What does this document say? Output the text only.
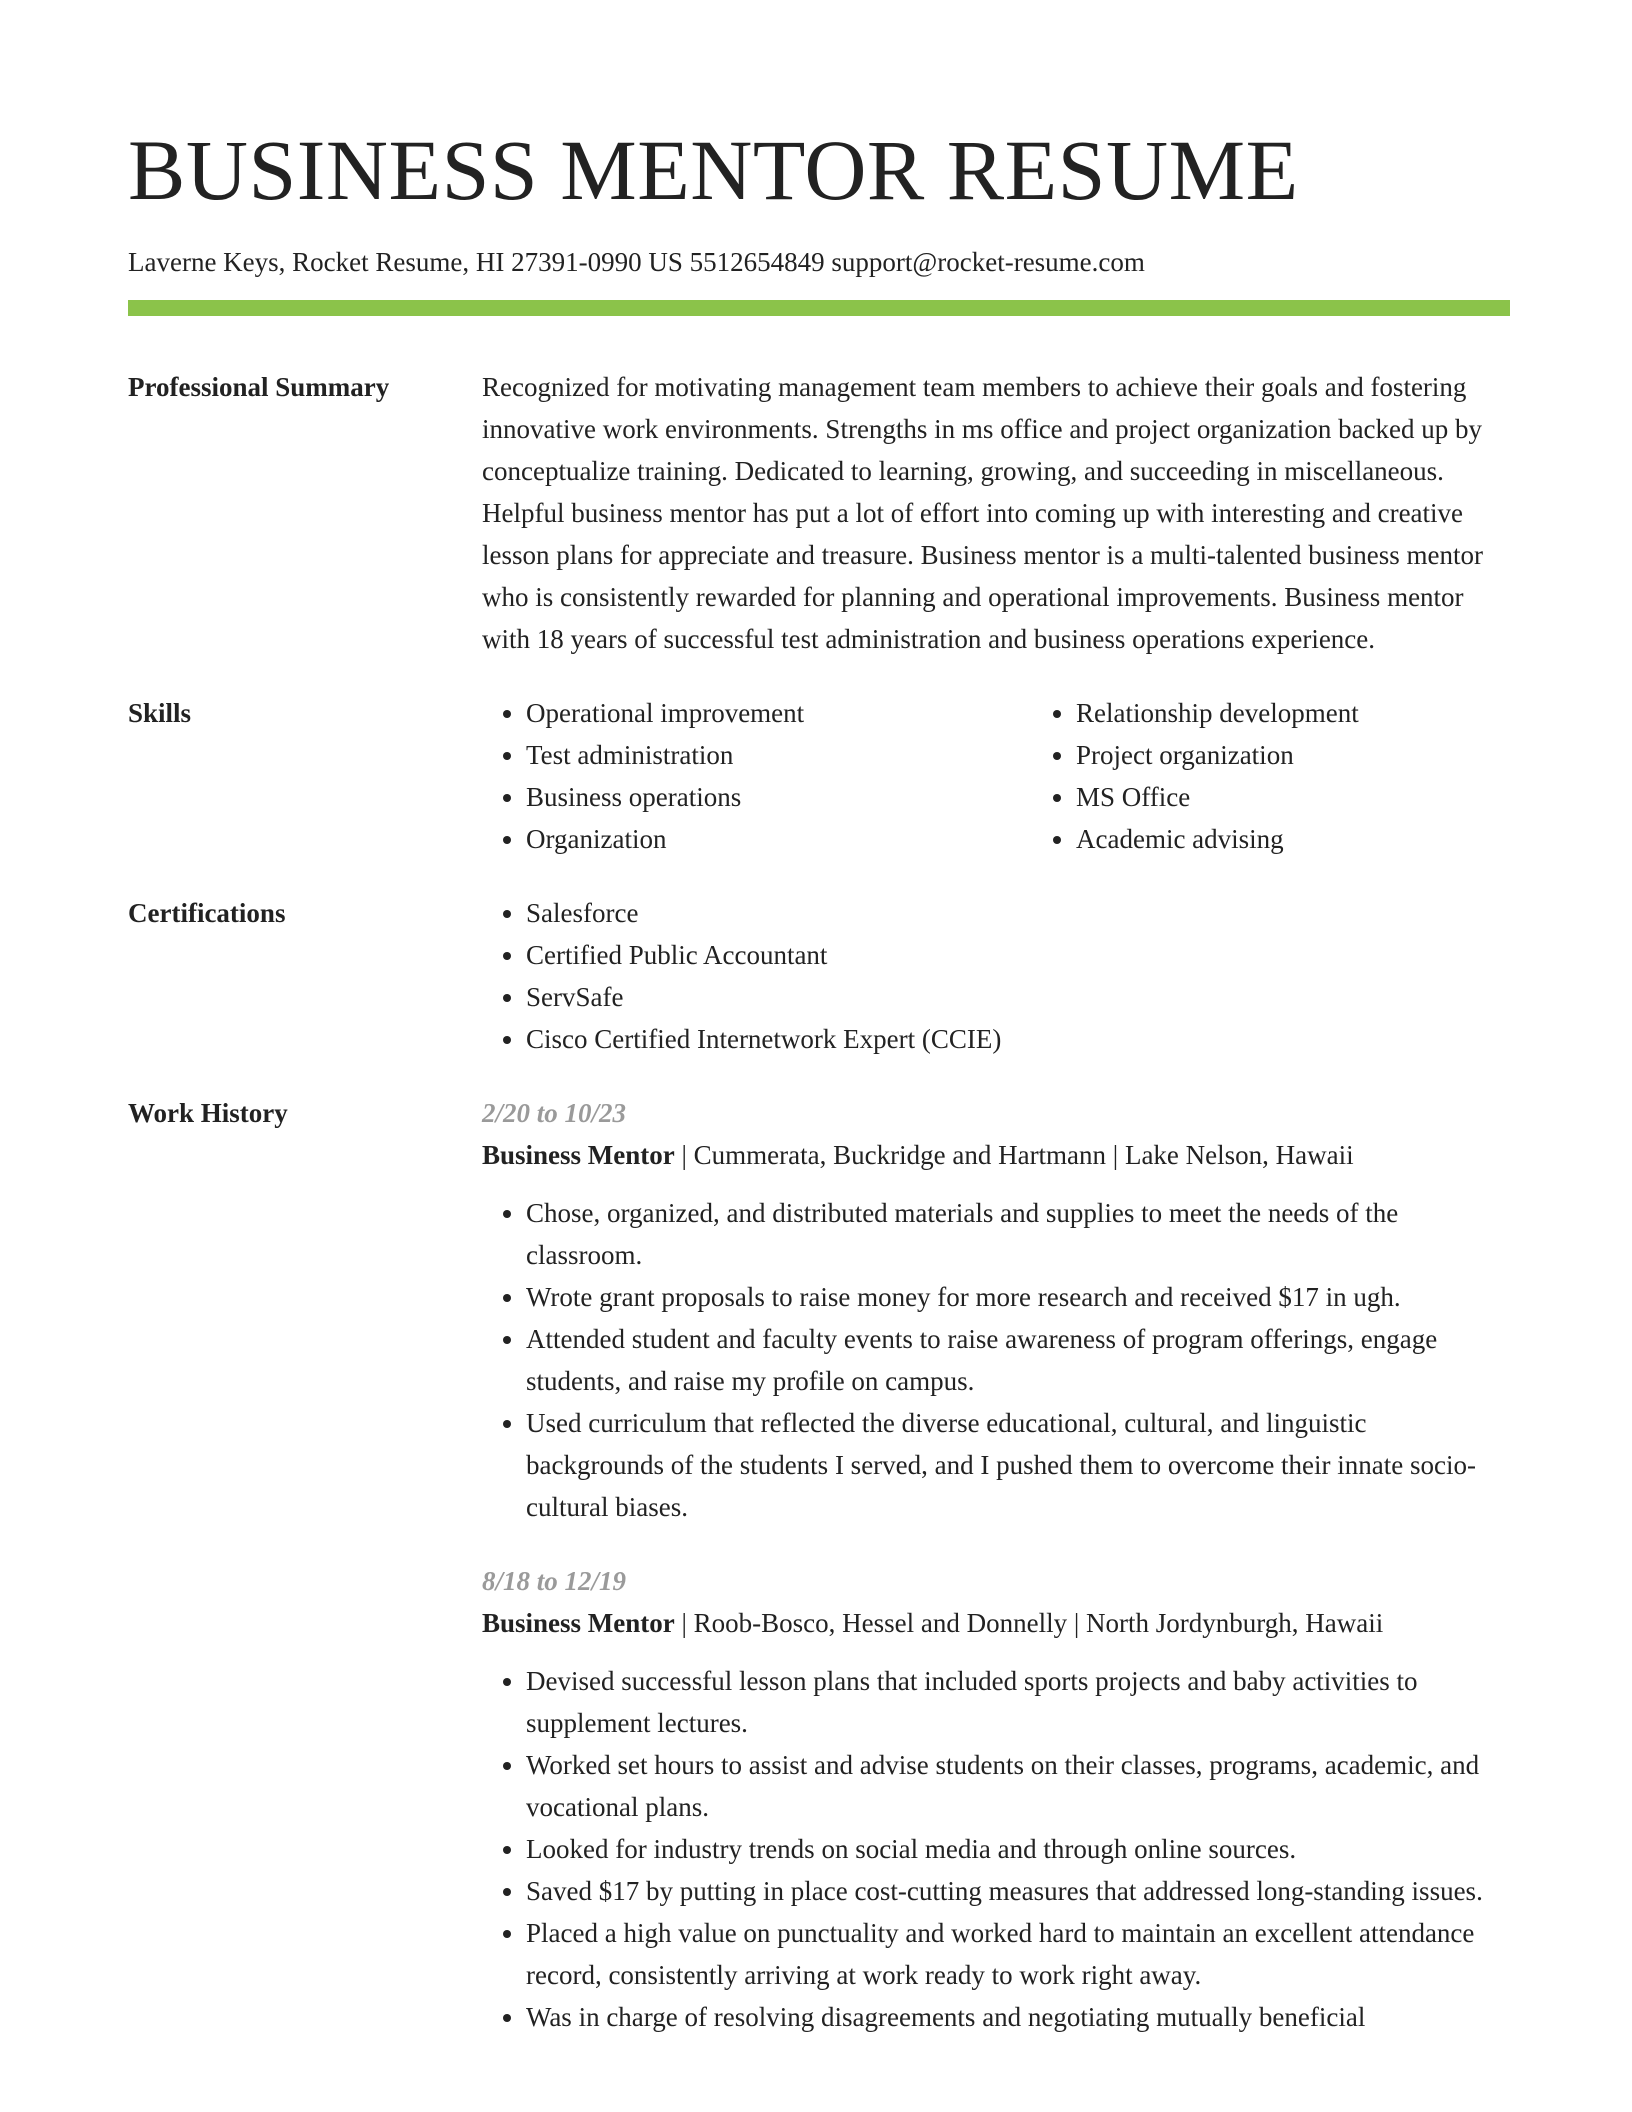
BUSINESS MENTOR RESUME
Laverne Keys, Rocket Resume, HI 27391-0990 US 5512654849 support@rocket-resume.com
Professional Summary	Recognized for motivating management team members to achieve their goals and fostering innovative work environments. Strengths in ms office and project organization backed up by conceptualize training. Dedicated to learning, growing, and succeeding in miscellaneous. Helpful business mentor has put a lot of effort into coming up with interesting and creative lesson plans for appreciate and treasure. Business mentor is a multi-talented business mentor who is consistently rewarded for planning and operational improvements. Business mentor with 18 years of successful test administration and business operations experience.

Skills	• Operational improvement
• Test administration
• Business operations
• Organization
• Relationship development
• Project organization
• MS Office
• Academic advising
Certifications	• Salesforce
• Certified Public Accountant
• ServSafe
• Cisco Certified Internetwork Expert (CCIE)
Work History	2/20 to 10/23
Business Mentor | Cummerata, Buckridge and Hartmann | Lake Nelson, Hawaii
• Chose, organized, and distributed materials and supplies to meet the needs of the classroom.
• Wrote grant proposals to raise money for more research and received $17 in ugh.
• Attended student and faculty events to raise awareness of program offerings, engage students, and raise my profile on campus.
• Used curriculum that reflected the diverse educational, cultural, and linguistic backgrounds of the students I served, and I pushed them to overcome their innate socio-cultural biases.
8/18 to 12/19
Business Mentor | Roob-Bosco, Hessel and Donnelly | North Jordynburgh, Hawaii
• Devised successful lesson plans that included sports projects and baby activities to supplement lectures.
• Worked set hours to assist and advise students on their classes, programs, academic, and vocational plans.
• Looked for industry trends on social media and through online sources.
• Saved $17 by putting in place cost-cutting measures that addressed long-standing issues.
• Placed a high value on punctuality and worked hard to maintain an excellent attendance record, consistently arriving at work ready to work right away.
• Was in charge of resolving disagreements and negotiating mutually beneficial
